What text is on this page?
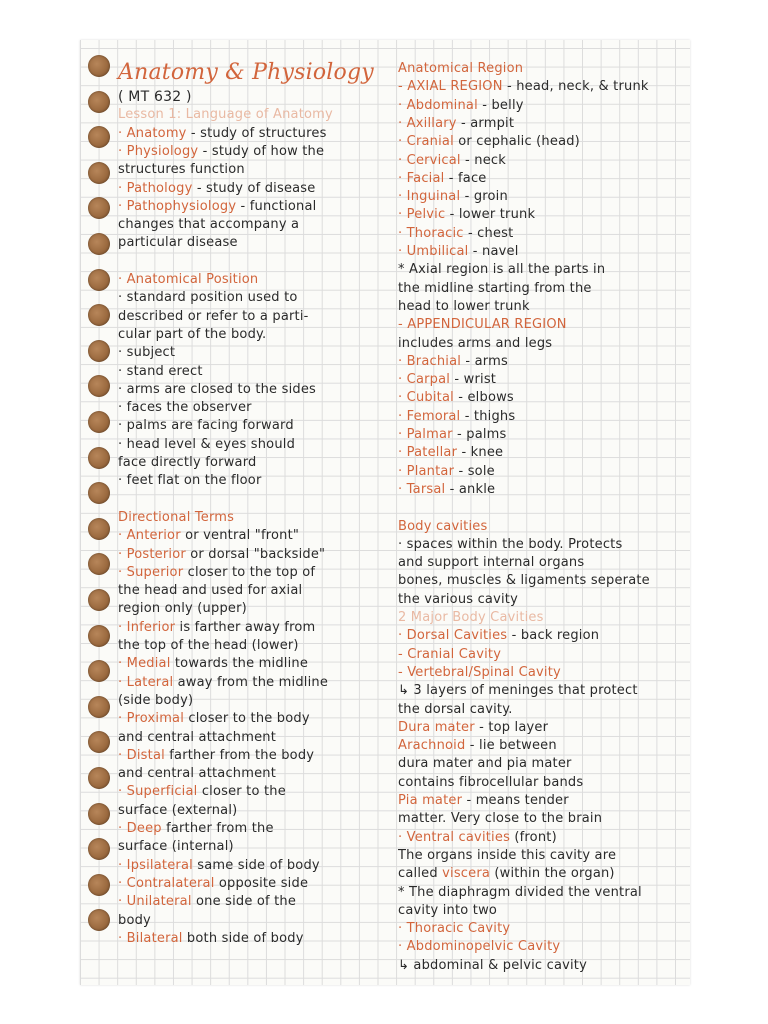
Anatomy & Physiology
( MT 632 )
Lesson 1: Language of Anatomy
· Anatomy - study of structures
· Physiology - study of how the
structures function
· Pathology - study of disease
· Pathophysiology - functional
changes that accompany a
particular disease
· Anatomical Position
· standard position used to
described or refer to a parti-
cular part of the body.
· subject
· stand erect
· arms are closed to the sides
· faces the observer
· palms are facing forward
· head level & eyes should
face directly forward
· feet flat on the floor
Directional Terms
· Anterior or ventral "front"
· Posterior or dorsal "backside"
· Superior closer to the top of
the head and used for axial
region only (upper)
· Inferior is farther away from
the top of the head (lower)
· Medial towards the midline
· Lateral away from the midline
(side body)
· Proximal closer to the body
and central attachment
· Distal farther from the body
and central attachment
· Superficial closer to the
surface (external)
· Deep farther from the
surface (internal)
· Ipsilateral same side of body
· Contralateral opposite side
· Unilateral one side of the
body
· Bilateral both side of body
Anatomical Region
- AXIAL REGION - head, neck, & trunk
· Abdominal - belly
· Axillary - armpit
· Cranial or cephalic (head)
· Cervical - neck
· Facial - face
· Inguinal - groin
· Pelvic - lower trunk
· Thoracic - chest
· Umbilical - navel
* Axial region is all the parts in
the midline starting from the
head to lower trunk
- APPENDICULAR REGION
includes arms and legs
· Brachial - arms
· Carpal - wrist
· Cubital - elbows
· Femoral - thighs
· Palmar - palms
· Patellar - knee
· Plantar - sole
· Tarsal - ankle
Body cavities
· spaces within the body. Protects
and support internal organs
bones, muscles & ligaments seperate
the various cavity
2 Major Body Cavities
· Dorsal Cavities - back region
- Cranial Cavity
- Vertebral/Spinal Cavity
↳ 3 layers of meninges that protect
the dorsal cavity.
Dura mater - top layer
Arachnoid - lie between
dura mater and pia mater
contains fibrocellular bands
Pia mater - means tender
matter. Very close to the brain
· Ventral cavities (front)
The organs inside this cavity are
called viscera (within the organ)
* The diaphragm divided the ventral
cavity into two
· Thoracic Cavity
· Abdominopelvic Cavity
↳ abdominal & pelvic cavity
